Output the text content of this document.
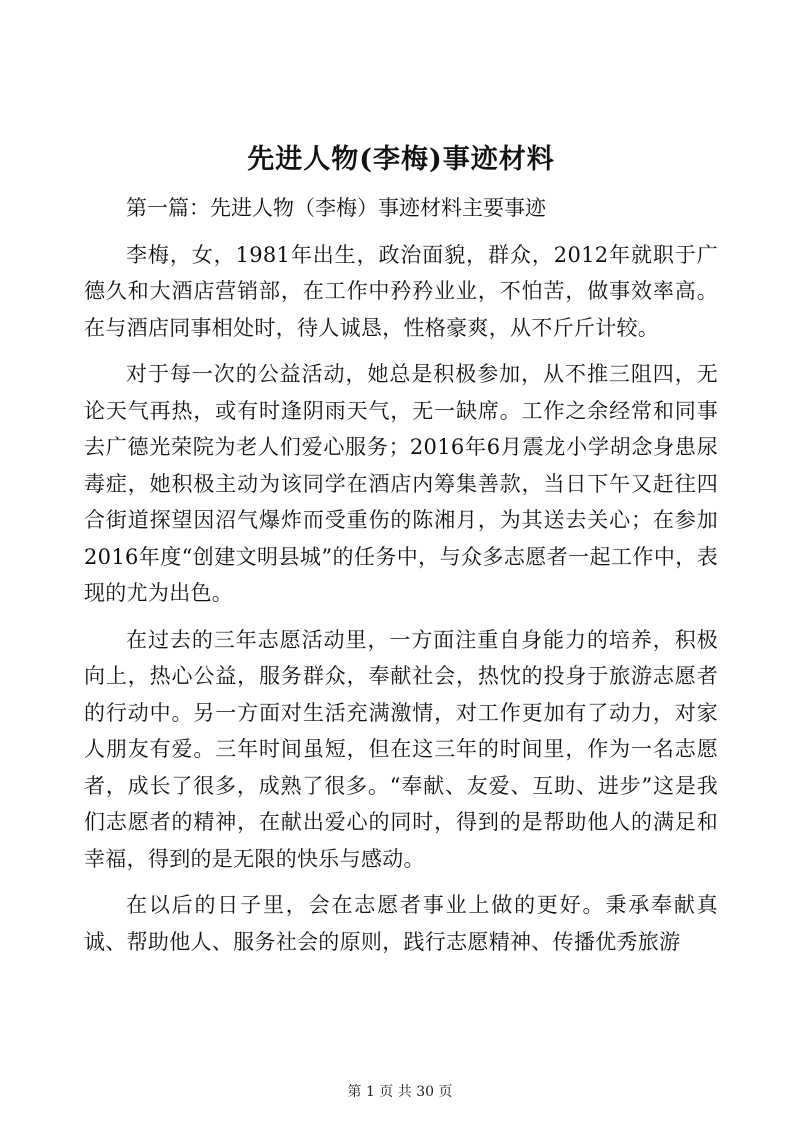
先进人物(李梅)事迹材料

第一篇：先进人物（李梅）事迹材料主要事迹

李梅，女，1981年出生，政治面貌，群众，2012年就职于广德久和大酒店营销部，在工作中矜矜业业，不怕苦，做事效率高。在与酒店同事相处时，待人诚恳，性格豪爽，从不斤斤计较。

对于每一次的公益活动，她总是积极参加，从不推三阻四，无论天气再热，或有时逢阴雨天气，无一缺席。工作之余经常和同事去广德光荣院为老人们爱心服务；2016年6月震龙小学胡念身患尿毒症，她积极主动为该同学在酒店内筹集善款，当日下午又赶往四合街道探望因沼气爆炸而受重伤的陈湘月，为其送去关心；在参加2016年度“创建文明县城”的任务中，与众多志愿者一起工作中，表现的尤为出色。

在过去的三年志愿活动里，一方面注重自身能力的培养，积极向上，热心公益，服务群众，奉献社会，热忱的投身于旅游志愿者的行动中。另一方面对生活充满激情，对工作更加有了动力，对家人朋友有爱。三年时间虽短，但在这三年的时间里，作为一名志愿者，成长了很多，成熟了很多。“奉献、友爱、互助、进步”这是我们志愿者的精神，在献出爱心的同时，得到的是帮助他人的满足和幸福，得到的是无限的快乐与感动。

在以后的日子里，会在志愿者事业上做的更好。秉承奉献真诚、帮助他人、服务社会的原则，践行志愿精神、传播优秀旅游

第 1 页 共 30 页
